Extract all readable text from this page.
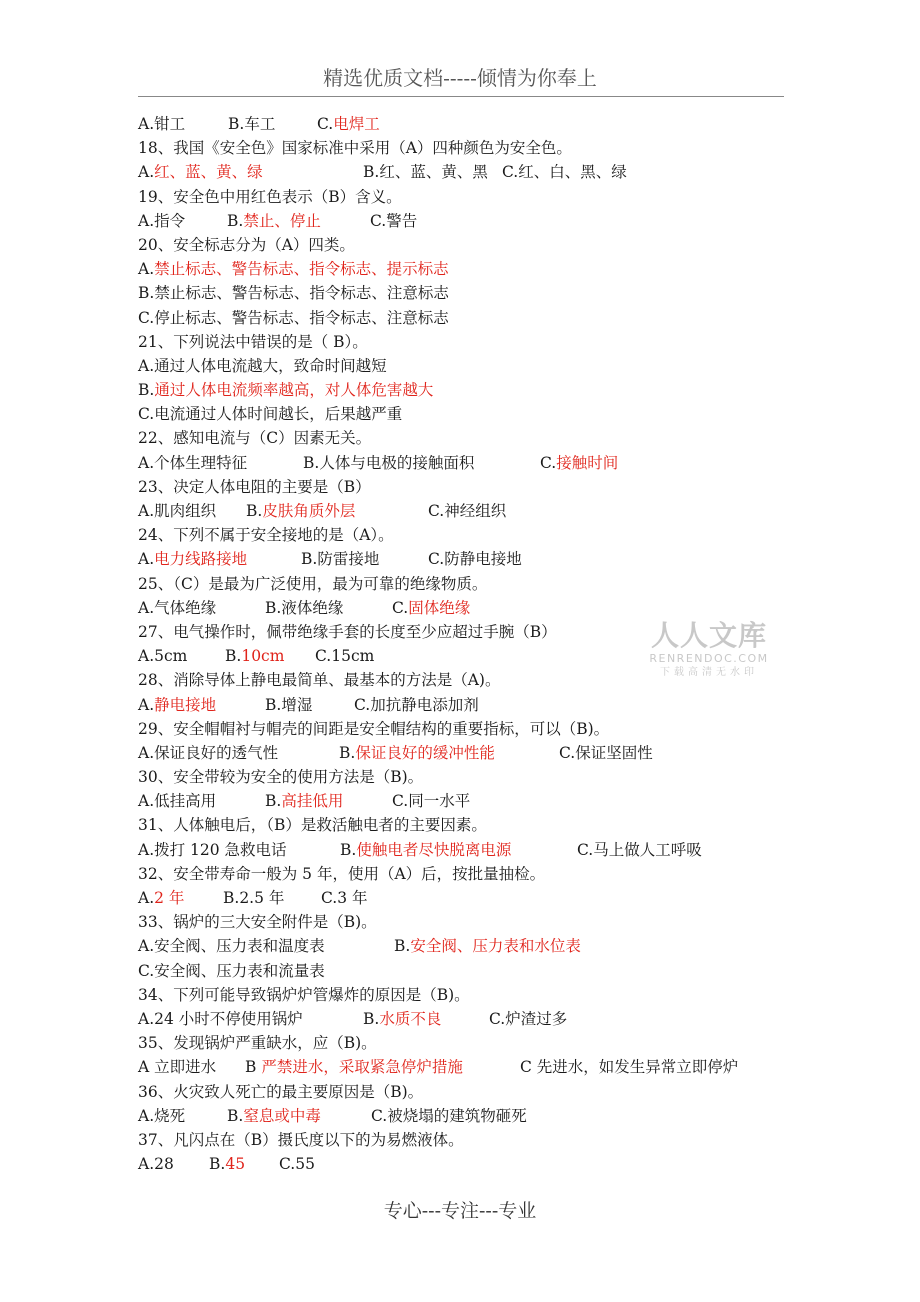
精选优质文档-----倾情为你奉上
A.钳工	B.车工	C.电焊工
18、我国《安全色》国家标准中采用（A）四种颜色为安全色。
A.红、蓝、黄、绿	B.红、蓝、黄、黑 C.红、白、黑、绿
19、安全色中用红色表示（B）含义。
A.指令	B.禁止、停止	C.警告
20、安全标志分为（A）四类。
A.禁止标志、警告标志、指令标志、提示标志
B.禁止标志、警告标志、指令标志、注意标志
C.停止标志、警告标志、指令标志、注意标志
21、下列说法中错误的是（ B）。
A.通过人体电流越大，致命时间越短
B.通过人体电流频率越高，对人体危害越大
C.电流通过人体时间越长，后果越严重
22、感知电流与（C）因素无关。
A.个体生理特征	B.人体与电极的接触面积	C.接触时间
23、决定人体电阻的主要是（B）
A.肌肉组织 B.皮肤角质外层	C.神经组织
24、下列不属于安全接地的是（A）。
A.电力线路接地	B.防雷接地	C.防静电接地
25、（C）是最为广泛使用，最为可靠的绝缘物质。
A.气体绝缘	B.液体绝缘	C.固体绝缘
27、电气操作时，佩带绝缘手套的长度至少应超过手腕（B）
A.5cm B.10cm C.15cm
28、消除导体上静电最简单、最基本的方法是（A)。
A.静电接地	B.增湿	C.加抗静电添加剂
29、安全帽帽衬与帽壳的间距是安全帽结构的重要指标，可以（B)。
A.保证良好的透气性	B.保证良好的缓冲性能	C.保证坚固性
30、安全带较为安全的使用方法是（B)。
A.低挂高用	B.高挂低用	C.同一水平
31、人体触电后，（B）是救活触电者的主要因素。
A.拨打 120 急救电话	B.使触电者尽快脱离电源	C.马上做人工呼吸
32、安全带寿命一般为 5 年，使用（A）后，按批量抽检。
A.2 年 B.2.5 年 C.3 年
33、锅炉的三大安全附件是（B)。
A.安全阀、压力表和温度表	B.安全阀、压力表和水位表
C.安全阀、压力表和流量表
34、下列可能导致锅炉炉管爆炸的原因是（B)。
A.24 小时不停使用锅炉	B.水质不良	C.炉渣过多
35、发现锅炉严重缺水，应（B)。
A 立即进水 B 严禁进水，采取紧急停炉措施	C 先进水，如发生异常立即停炉
36、火灾致人死亡的最主要原因是（B)。
A.烧死	B.窒息或中毒	C.被烧塌的建筑物砸死
37、凡闪点在（B）摄氏度以下的为易燃液体。
A.28 B.45 C.55
人人文库
RENRENDOC.COM
下载高清无水印
专心---专注---专业
